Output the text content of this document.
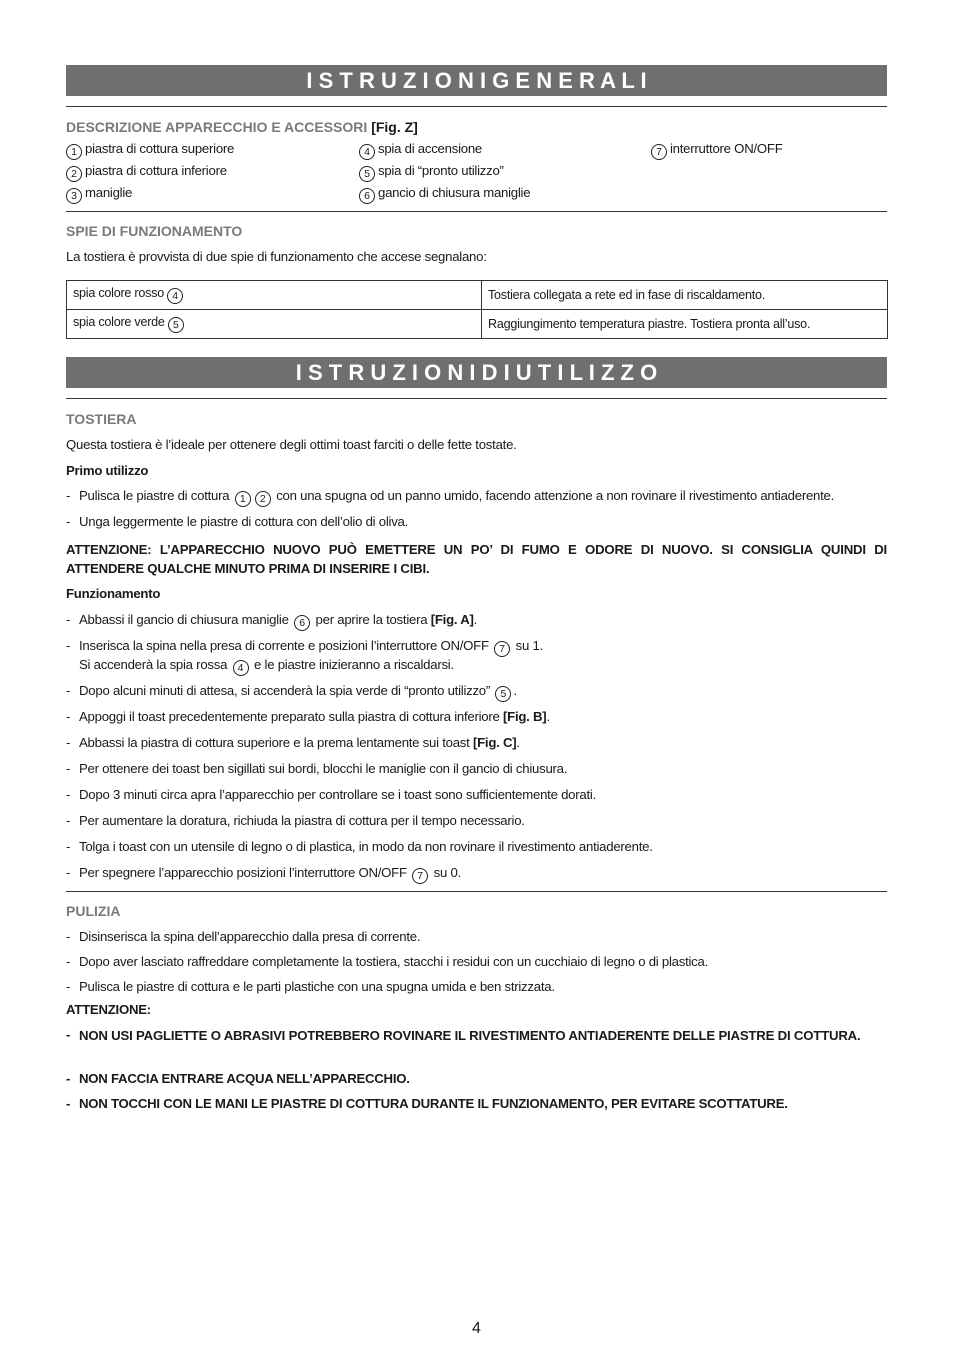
I S T R U Z I O N I G E N E R A L I
DESCRIZIONE APPARECCHIO E ACCESSORI [Fig. Z]
1 piastra di cottura superiore
2 piastra di cottura inferiore
3 maniglie
4 spia di accensione
5 spia di “pronto utilizzo”
6 gancio di chiusura maniglie
7 interruttore ON/OFF
SPIE DI FUNZIONAMENTO
La tostiera è provvista di due spie di funzionamento che accese segnalano:
spia colore rosso 4	Tostiera collegata a rete ed in fase di riscaldamento.
spia colore verde 5	Raggiungimento temperatura piastre. Tostiera pronta all’uso.
I S T R U Z I O N I D I U T I L I Z Z O
TOSTIERA
Questa tostiera è l’ideale per ottenere degli ottimi toast farciti o delle fette tostate.
Primo utilizzo
- Pulisca le piastre di cottura 1 2 con una spugna od un panno umido, facendo attenzione a non rovinare il rivestimento antiaderente.
- Unga leggermente le piastre di cottura con dell’olio di oliva.
ATTENZIONE: L’APPARECCHIO NUOVO PUÒ EMETTERE UN PO’ DI FUMO E ODORE DI NUOVO. SI CONSIGLIA QUINDI DI ATTENDERE QUALCHE MINUTO PRIMA DI INSERIRE I CIBI.
Funzionamento
- Abbassi il gancio di chiusura maniglie 6 per aprire la tostiera [Fig. A].
- Inserisca la spina nella presa di corrente e posizioni l’interruttore ON/OFF 7 su 1.
Si accenderà la spia rossa 4 e le piastre inizieranno a riscaldarsi.
- Dopo alcuni minuti di attesa, si accenderà la spia verde di “pronto utilizzo” 5 .
- Appoggi il toast precedentemente preparato sulla piastra di cottura inferiore [Fig. B].
- Abbassi la piastra di cottura superiore e la prema lentamente sui toast [Fig. C].
- Per ottenere dei toast ben sigillati sui bordi, blocchi le maniglie con il gancio di chiusura.
- Dopo 3 minuti circa apra l’apparecchio per controllare se i toast sono sufficientemente dorati.
- Per aumentare la doratura, richiuda la piastra di cottura per il tempo necessario.
- Tolga i toast con un utensile di legno o di plastica, in modo da non rovinare il rivestimento antiaderente.
- Per spegnere l’apparecchio posizioni l’interruttore ON/OFF 7 su 0.
PULIZIA
- Disinserisca la spina dell’apparecchio dalla presa di corrente.
- Dopo aver lasciato raffreddare completamente la tostiera, stacchi i residui con un cucchiaio di legno o di plastica.
- Pulisca le piastre di cottura e le parti plastiche con una spugna umida e ben strizzata.
ATTENZIONE:
- NON USI PAGLIETTE O ABRASIVI POTREBBERO ROVINARE IL RIVESTIMENTO ANTIADERENTE DELLE PIASTRE DI COTTURA.
- NON FACCIA ENTRARE ACQUA NELL’APPARECCHIO.
- NON TOCCHI CON LE MANI LE PIASTRE DI COTTURA DURANTE IL FUNZIONAMENTO, PER EVITARE SCOTTATURE.
4
